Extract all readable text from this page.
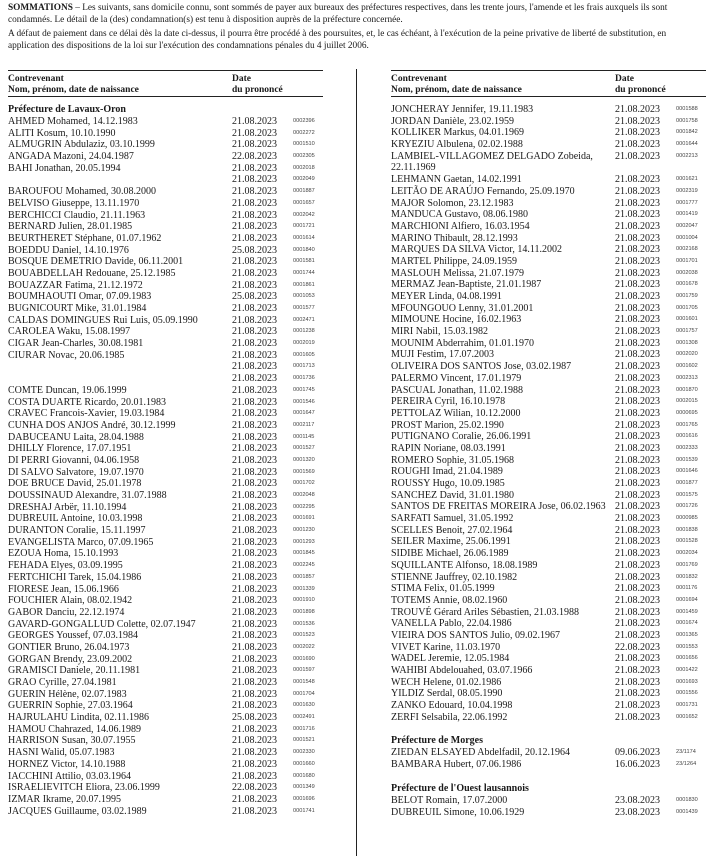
SOMMATIONS – Les suivants, sans domicile connu, sont sommés de payer aux bureaux des préfectures respectives, dans les trente jours, l'amende et les frais auxquels ils sont condamnés. Le détail de la (des) condamnation(s) est tenu à disposition auprès de la préfecture concernée.

A défaut de paiement dans ce délai dès la date ci-dessus, il pourra être procédé à des poursuites, et, le cas échéant, à l'exécution de la peine privative de liberté de substitution, en application des dispositions de la loi sur l'exécution des condamnations pénales du 4 juillet 2006.

Contrevenant
Nom, prénom, date de naissance
Date
du prononcé
Préfecture de Lavaux-Oron
AHMED Mohamed, 14.12.1983	21.08.2023	0002396
ALITI Kosum, 10.10.1990	21.08.2023	0002272
ALMUGRIN Abdulaziz, 03.10.1999	21.08.2023	0001510
ANGADA Mazoni, 24.04.1987	22.08.2023	0002305
BAHI Jonathan, 20.05.1994	21.08.2023	0002018
21.08.2023	0002049
BAROUFOU Mohamed, 30.08.2000	21.08.2023	0001887
BELVISO Giuseppe, 13.11.1970	21.08.2023	0001657
BERCHICCI Claudio, 21.11.1963	21.08.2023	0002042
BERNARD Julien, 28.01.1985	21.08.2023	0001721
BEURTHERET Stéphane, 01.07.1962	21.08.2023	0001614
BOEDDU Daniel, 14.10.1976	25.08.2023	0001840
BOSQUE DEMETRIO Davide, 06.11.2001	21.08.2023	0001581
BOUABDELLAH Redouane, 25.12.1985	21.08.2023	0001744
BOUAZZAR Fatima, 21.12.1972	21.08.2023	0001861
BOUMHAOUTI Omar, 07.09.1983	25.08.2023	0001053
BUGNICOURT Mike, 31.01.1984	21.08.2023	0001577
CALDAS DOMINGUES Rui Luis, 05.09.1990	21.08.2023	0002471
CAROLEA Waku, 15.08.1997	21.08.2023	0001238
CIGAR Jean-Charles, 30.08.1981	21.08.2023	0002019
CIURAR Novac, 20.06.1985	21.08.2023	0001605
21.08.2023	0001713
21.08.2023	0001736
COMTE Duncan, 19.06.1999	21.08.2023	0001745
COSTA DUARTE Ricardo, 20.01.1983	21.08.2023	0001546
CRAVEC Francois-Xavier, 19.03.1984	21.08.2023	0001647
CUNHA DOS ANJOS André, 30.12.1999	21.08.2023	0002117
DABUCEANU Laita, 28.04.1988	21.08.2023	0001145
DHILLY Florence, 17.07.1951	21.08.2023	0001527
DI PERRI Giovanni, 04.06.1958	21.08.2023	0001320
DI SALVO Salvatore, 19.07.1970	21.08.2023	0001569
DOE BRUCE David, 25.01.1978	21.08.2023	0001702
DOUSSINAUD Alexandre, 31.07.1988	21.08.2023	0002048
DRESHAJ Arbër, 11.10.1994	21.08.2023	0002295
DUBREUIL Antoine, 10.03.1998	21.08.2023	0001691
DURANTON Coralie, 15.11.1997	21.08.2023	0001230
EVANGELISTA Marco, 07.09.1965	21.08.2023	0001293
EZOUA Homa, 15.10.1993	21.08.2023	0001845
FEHADA Elyes, 03.09.1995	21.08.2023	0002245
FERTCHICHI Tarek, 15.04.1986	21.08.2023	0001857
FIORESE Jean, 15.06.1966	21.08.2023	0001339
FOUCHIER Alain, 08.02.1942	21.08.2023	0001910
GABOR Danciu, 22.12.1974	21.08.2023	0001898
GAVARD-GONGALLUD Colette, 02.07.1947	21.08.2023	0001536
GEORGES Youssef, 07.03.1984	21.08.2023	0001523
GONTIER Bruno, 26.04.1973	21.08.2023	0002022
GORGAN Brendy, 23.09.2002	21.08.2023	0001690
GRAMISCI Daniele, 20.11.1981	21.08.2023	0001597
GRAO Cyrille, 27.04.1981	21.08.2023	0001548
GUERIN Hélène, 02.07.1983	21.08.2023	0001704
GUERRIN Sophie, 27.03.1964	21.08.2023	0001630
HAJRULAHU Lindita, 02.11.1986	25.08.2023	0002491
HAMOU Chahrazed, 14.06.1989	21.08.2023	0001716
HARRISON Susan, 30.07.1955	21.08.2023	0001521
HASNI Walid, 05.07.1983	21.08.2023	0002330
HORNEZ Victor, 14.10.1988	21.08.2023	0001660
IACCHINI Attilio, 03.03.1964	21.08.2023	0001680
ISRAELIEVITCH Eliora, 23.06.1999	22.08.2023	0001349
IZMAR Ikrame, 20.07.1995	21.08.2023	0001696
JACQUES Guillaume, 03.02.1989	21.08.2023	0001741
Contrevenant
Nom, prénom, date de naissance
Date
du prononcé
JONCHERAY Jennifer, 19.11.1983	21.08.2023	0001588
JORDAN Danièle, 23.02.1959	21.08.2023	0001758
KOLLIKER Markus, 04.01.1969	21.08.2023	0001842
KRYEZIU Albulena, 02.02.1988	21.08.2023	0001644
LAMBIEL-VILLAGOMEZ DELGADO Zobeida, 22.11.1969
21.08.2023	0002213
LEHMANN Gaetan, 14.02.1991	21.08.2023	0001621
LEITÃO DE ARAÚJO Fernando, 25.09.1970	21.08.2023	0002319
MAJOR Solomon, 23.12.1983	21.08.2023	0001777
MANDUCA Gustavo, 08.06.1980	21.08.2023	0001419
MARCHIONI Alfiero, 16.03.1954	21.08.2023	0002047
MARINO Thibault, 28.12.1993	21.08.2023	0001004
MARQUES DA SILVA Victor, 14.11.2002	21.08.2023	0002168
MARTEL Philippe, 24.09.1959	21.08.2023	0001701
MASLOUH Melissa, 21.07.1979	21.08.2023	0002038
MERMAZ Jean-Baptiste, 21.01.1987	21.08.2023	0001678
MEYER Linda, 04.08.1991	21.08.2023	0001759
MFOUNGOUO Lenny, 31.01.2001	21.08.2023	0001705
MIMOUNE Hocine, 16.02.1963	21.08.2023	0001601
MIRI Nabil, 15.03.1982	21.08.2023	0001757
MOUNIM Abderrahim, 01.01.1970	21.08.2023	0001308
MUJI Festim, 17.07.2003	21.08.2023	0002020
OLIVEIRA DOS SANTOS Jose, 03.02.1987	21.08.2023	0001602
PALERMO Vincent, 17.01.1979	21.08.2023	0002313
PASCUAL Jonathan, 11.02.1988	21.08.2023	0001870
PEREIRA Cyril, 16.10.1978	21.08.2023	0002015
PETTOLAZ Wilian, 10.12.2000	21.08.2023	0000695
PROST Marion, 25.02.1990	21.08.2023	0001765
PUTIGNANO Coralie, 26.06.1991	21.08.2023	0001616
RAPIN Noriane, 08.03.1991	21.08.2023	0002333
ROMERO Sophie, 31.05.1968	21.08.2023	0001539
ROUGHI Imad, 21.04.1989	21.08.2023	0001646
ROUSSY Hugo, 10.09.1985	21.08.2023	0001877
SANCHEZ David, 31.01.1980	21.08.2023	0001575
SANTOS DE FREITAS MOREIRA Jose, 06.02.1963 21.08.2023	0001726
SARFATI Samuel, 31.05.1992	21.08.2023	0000985
SCELLES Benoit, 27.02.1964	21.08.2023	0001838
SEILER Maxime, 25.06.1991	21.08.2023	0001528
SIDIBE Michael, 26.06.1989	21.08.2023	0002034
SQUILLANTE Alfonso, 18.08.1989	21.08.2023	0001769
STIENNE Jauffrey, 02.10.1982	21.08.2023	0001832
STIMA Felix, 01.05.1999	21.08.2023	0001176
TOTEMS Annie, 08.02.1960	21.08.2023	0001694
TROUVÉ Gérard Ariles Sébastien, 21.03.1988	21.08.2023	0001459
VANELLA Pablo, 22.04.1986	21.08.2023	0001674
VIEIRA DOS SANTOS Julio, 09.02.1967	21.08.2023	0001365
VIVET Karine, 11.03.1970	22.08.2023	0001553
WADEL Jeremie, 12.05.1984	21.08.2023	0001656
WAHIBI Abdelouahed, 03.07.1966	21.08.2023	0001422
WECH Helene, 01.02.1986	21.08.2023	0001693
YILDIZ Serdal, 08.05.1990	21.08.2023	0001556
ZANKO Edouard, 10.04.1998	21.08.2023	0001731
ZERFI Selsabila, 22.06.1992	21.08.2023	0001652
Préfecture de Morges
ZIEDAN ELSAYED Abdelfadil, 20.12.1964	09.06.2023	23/1174
BAMBARA Hubert, 07.06.1986	16.06.2023	23/1264
Préfecture de l'Ouest lausannois
BELOT Romain, 17.07.2000	23.08.2023	0001830
DUBREUIL Simone, 10.06.1929	23.08.2023	0001439
